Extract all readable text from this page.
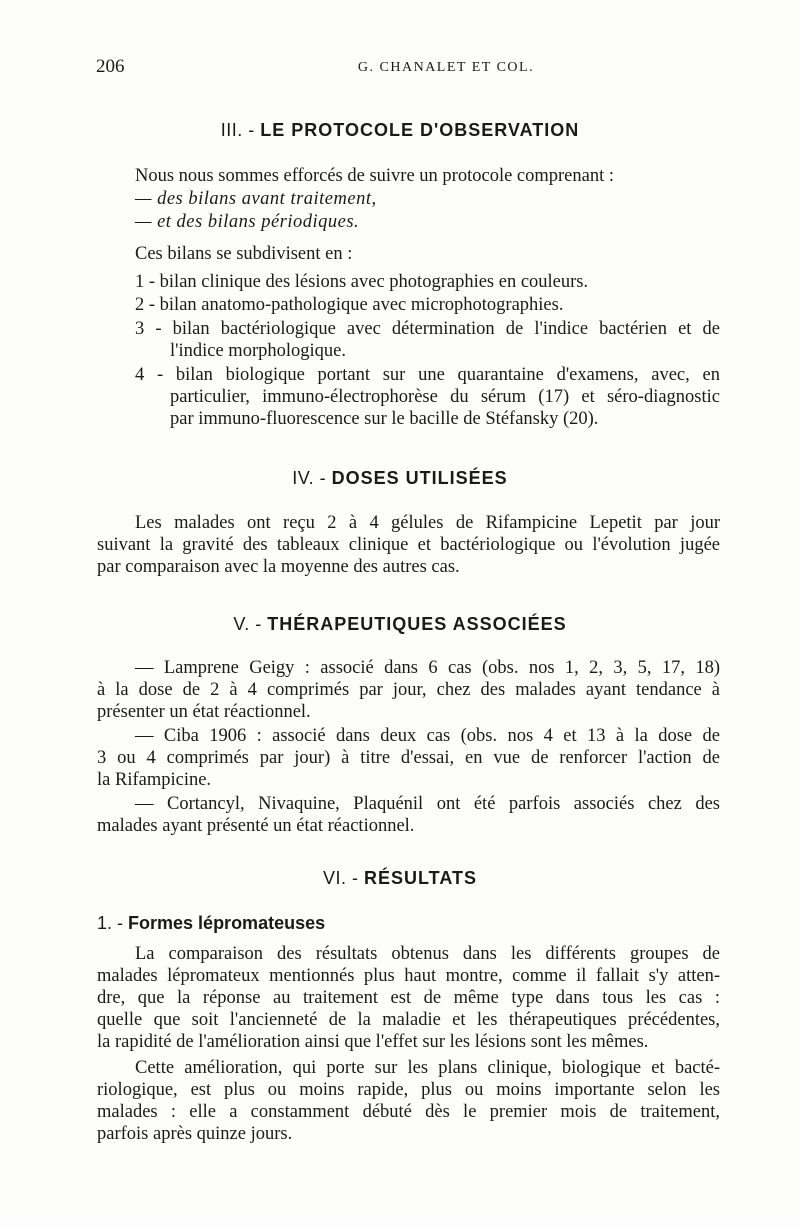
206	G. CHANALET ET COL.
III. - LE PROTOCOLE D'OBSERVATION
Nous nous sommes efforcés de suivre un protocole comprenant :
— des bilans avant traitement,
— et des bilans périodiques.
Ces bilans se subdivisent en :
1 - bilan clinique des lésions avec photographies en couleurs.
2 - bilan anatomo-pathologique avec microphotographies.
3 - bilan bactériologique avec détermination de l'indice bactérien et de
l'indice morphologique.
4 - bilan biologique portant sur une quarantaine d'examens, avec, en
particulier, immuno-électrophorèse du sérum (17) et séro-diagnostic
par immuno-fluorescence sur le bacille de Stéfansky (20).
IV. - DOSES UTILISÉES
Les malades ont reçu 2 à 4 gélules de Rifampicine Lepetit par jour
suivant la gravité des tableaux clinique et bactériologique ou l'évolution jugée
par comparaison avec la moyenne des autres cas.
V. - THÉRAPEUTIQUES ASSOCIÉES
— Lamprene Geigy : associé dans 6 cas (obs. nos 1, 2, 3, 5, 17, 18)
à la dose de 2 à 4 comprimés par jour, chez des malades ayant tendance à
présenter un état réactionnel.
— Ciba 1906 : associé dans deux cas (obs. nos 4 et 13 à la dose de
3 ou 4 comprimés par jour) à titre d'essai, en vue de renforcer l'action de
la Rifampicine.
— Cortancyl, Nivaquine, Plaquénil ont été parfois associés chez des
malades ayant présenté un état réactionnel.
VI. - RÉSULTATS
1. - Formes lépromateuses
La comparaison des résultats obtenus dans les différents groupes de
malades lépromateux mentionnés plus haut montre, comme il fallait s'y atten-
dre, que la réponse au traitement est de même type dans tous les cas :
quelle que soit l'ancienneté de la maladie et les thérapeutiques précédentes,
la rapidité de l'amélioration ainsi que l'effet sur les lésions sont les mêmes.
Cette amélioration, qui porte sur les plans clinique, biologique et bacté-
riologique, est plus ou moins rapide, plus ou moins importante selon les
malades : elle a constamment débuté dès le premier mois de traitement,
parfois après quinze jours.
